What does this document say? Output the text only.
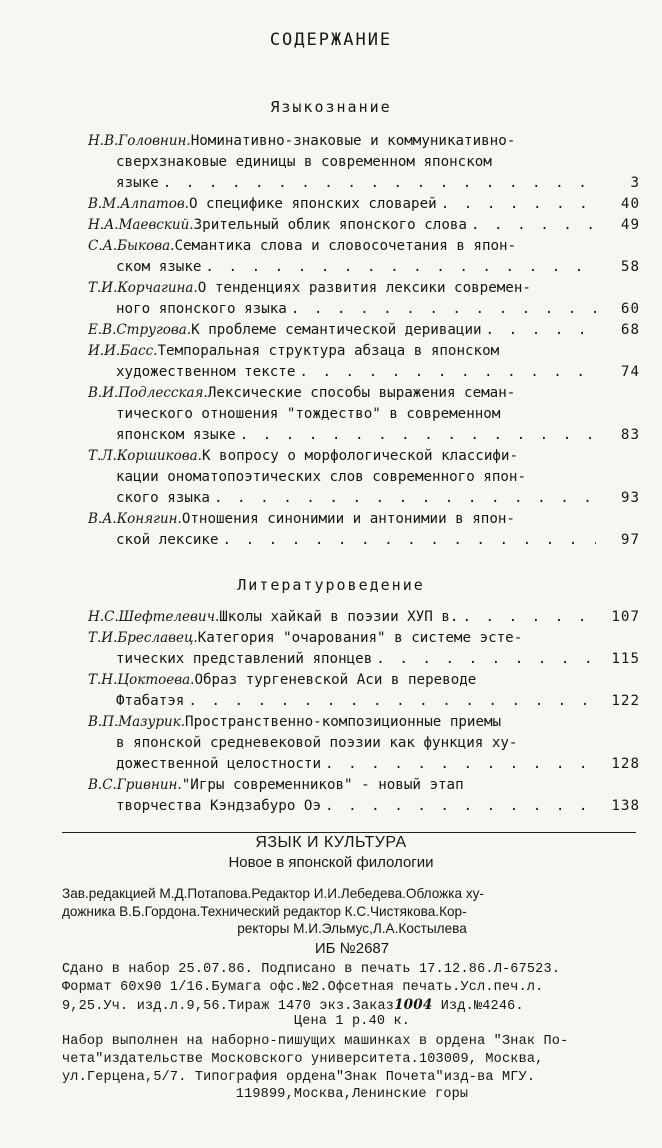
СОДЕРЖАНИЕ
Языкознание
Н.В.Головнин. Номинативно-знаковые и коммуникативно-
сверхзнаковые единицы в современном японском
языке . . .	3
В.М.Алпатов. О специфике японских словарей . . .	40
Н.А.Маевский. Зрительный облик японского слова . . .	49
С.А.Быкова. Семантика слова и словосочетания в япон-
ском языке . . .	58
Т.И.Корчагина. О тенденциях развития лексики современ-
ного японского языка . . .	60
Е.В.Стругова. К проблеме семантической деривации . . .	68
И.И.Басс. Темпоральная структура абзаца в японском
художественном тексте . . .	74
В.И.Подлесская. Лексические способы выражения семан-
тического отношения "тождество" в современном
японском языке . . .	83
Т.Л.Коршикова. К вопросу о морфологической классифи-
кации ономатопоэтических слов современного япон-
ского языка . . .	93
В.А.Конягин. Отношения синонимии и антонимии в япон-
ской лексике . . .	97
Литературоведение
Н.С.Шефтелевич. Школы хайкай в поэзии ХУП в. . . .	107
Т.И.Бреславец. Категория "очарования" в системе эсте-
тических представлений японцев . . .	115
Т.Н.Цоктоева. Образ тургеневской Аси в переводе
Фтабатэя . . .	122
В.П.Мазурик. Пространственно-композиционные приемы
в японской средневековой поэзии как функция ху-
дожественной целостности . . .	128
В.С.Гривнин. "Игры современников" - новый этап
творчества Кэндзабуро Оэ . . .	138
ЯЗЫК И КУЛЬТУРА
Новое в японской филологии
Зав.редакцией М.Д.Потапова.Редактор И.И.Лебедева.Обложка ху-
дожника В.Б.Гордона.Технический редактор К.С.Чистякова.Кор-
ректоры М.И.Эльмус,Л.А.Костылева
ИБ №2687
Сдано в набор 25.07.86. Подписано в печать 17.12.86.Л-67523.
Формат 60х90 1/16.Бумага офс.№2.Офсетная печать.Усл.печ.л.
9,25.Уч. изд.л.9,56.Тираж 1470 экз.Заказ1004 Изд.№4246.
Цена 1 р.40 к.
Набор выполнен на наборно-пишущих машинках в ордена "Знак По-
чета"издательстве Московского университета.103009, Москва,
ул.Герцена,5/7. Типография ордена"Знак Почета"изд-ва МГУ.
119899,Москва,Ленинские горы
